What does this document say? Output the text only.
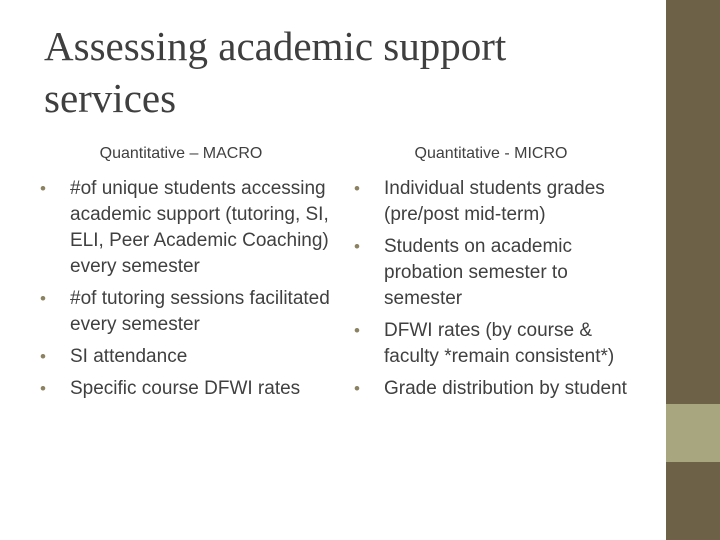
Assessing academic support services
Quantitative – MACRO	Quantitative - MICRO
• #of unique students accessing academic support (tutoring, SI, ELI, Peer Academic Coaching) every semester
• #of tutoring sessions facilitated every semester
• SI attendance
• Specific course DFWI rates
• Individual students grades (pre/post mid-term)
• Students on academic probation semester to semester
• DFWI rates (by course & faculty *remain consistent*)
• Grade distribution by student
